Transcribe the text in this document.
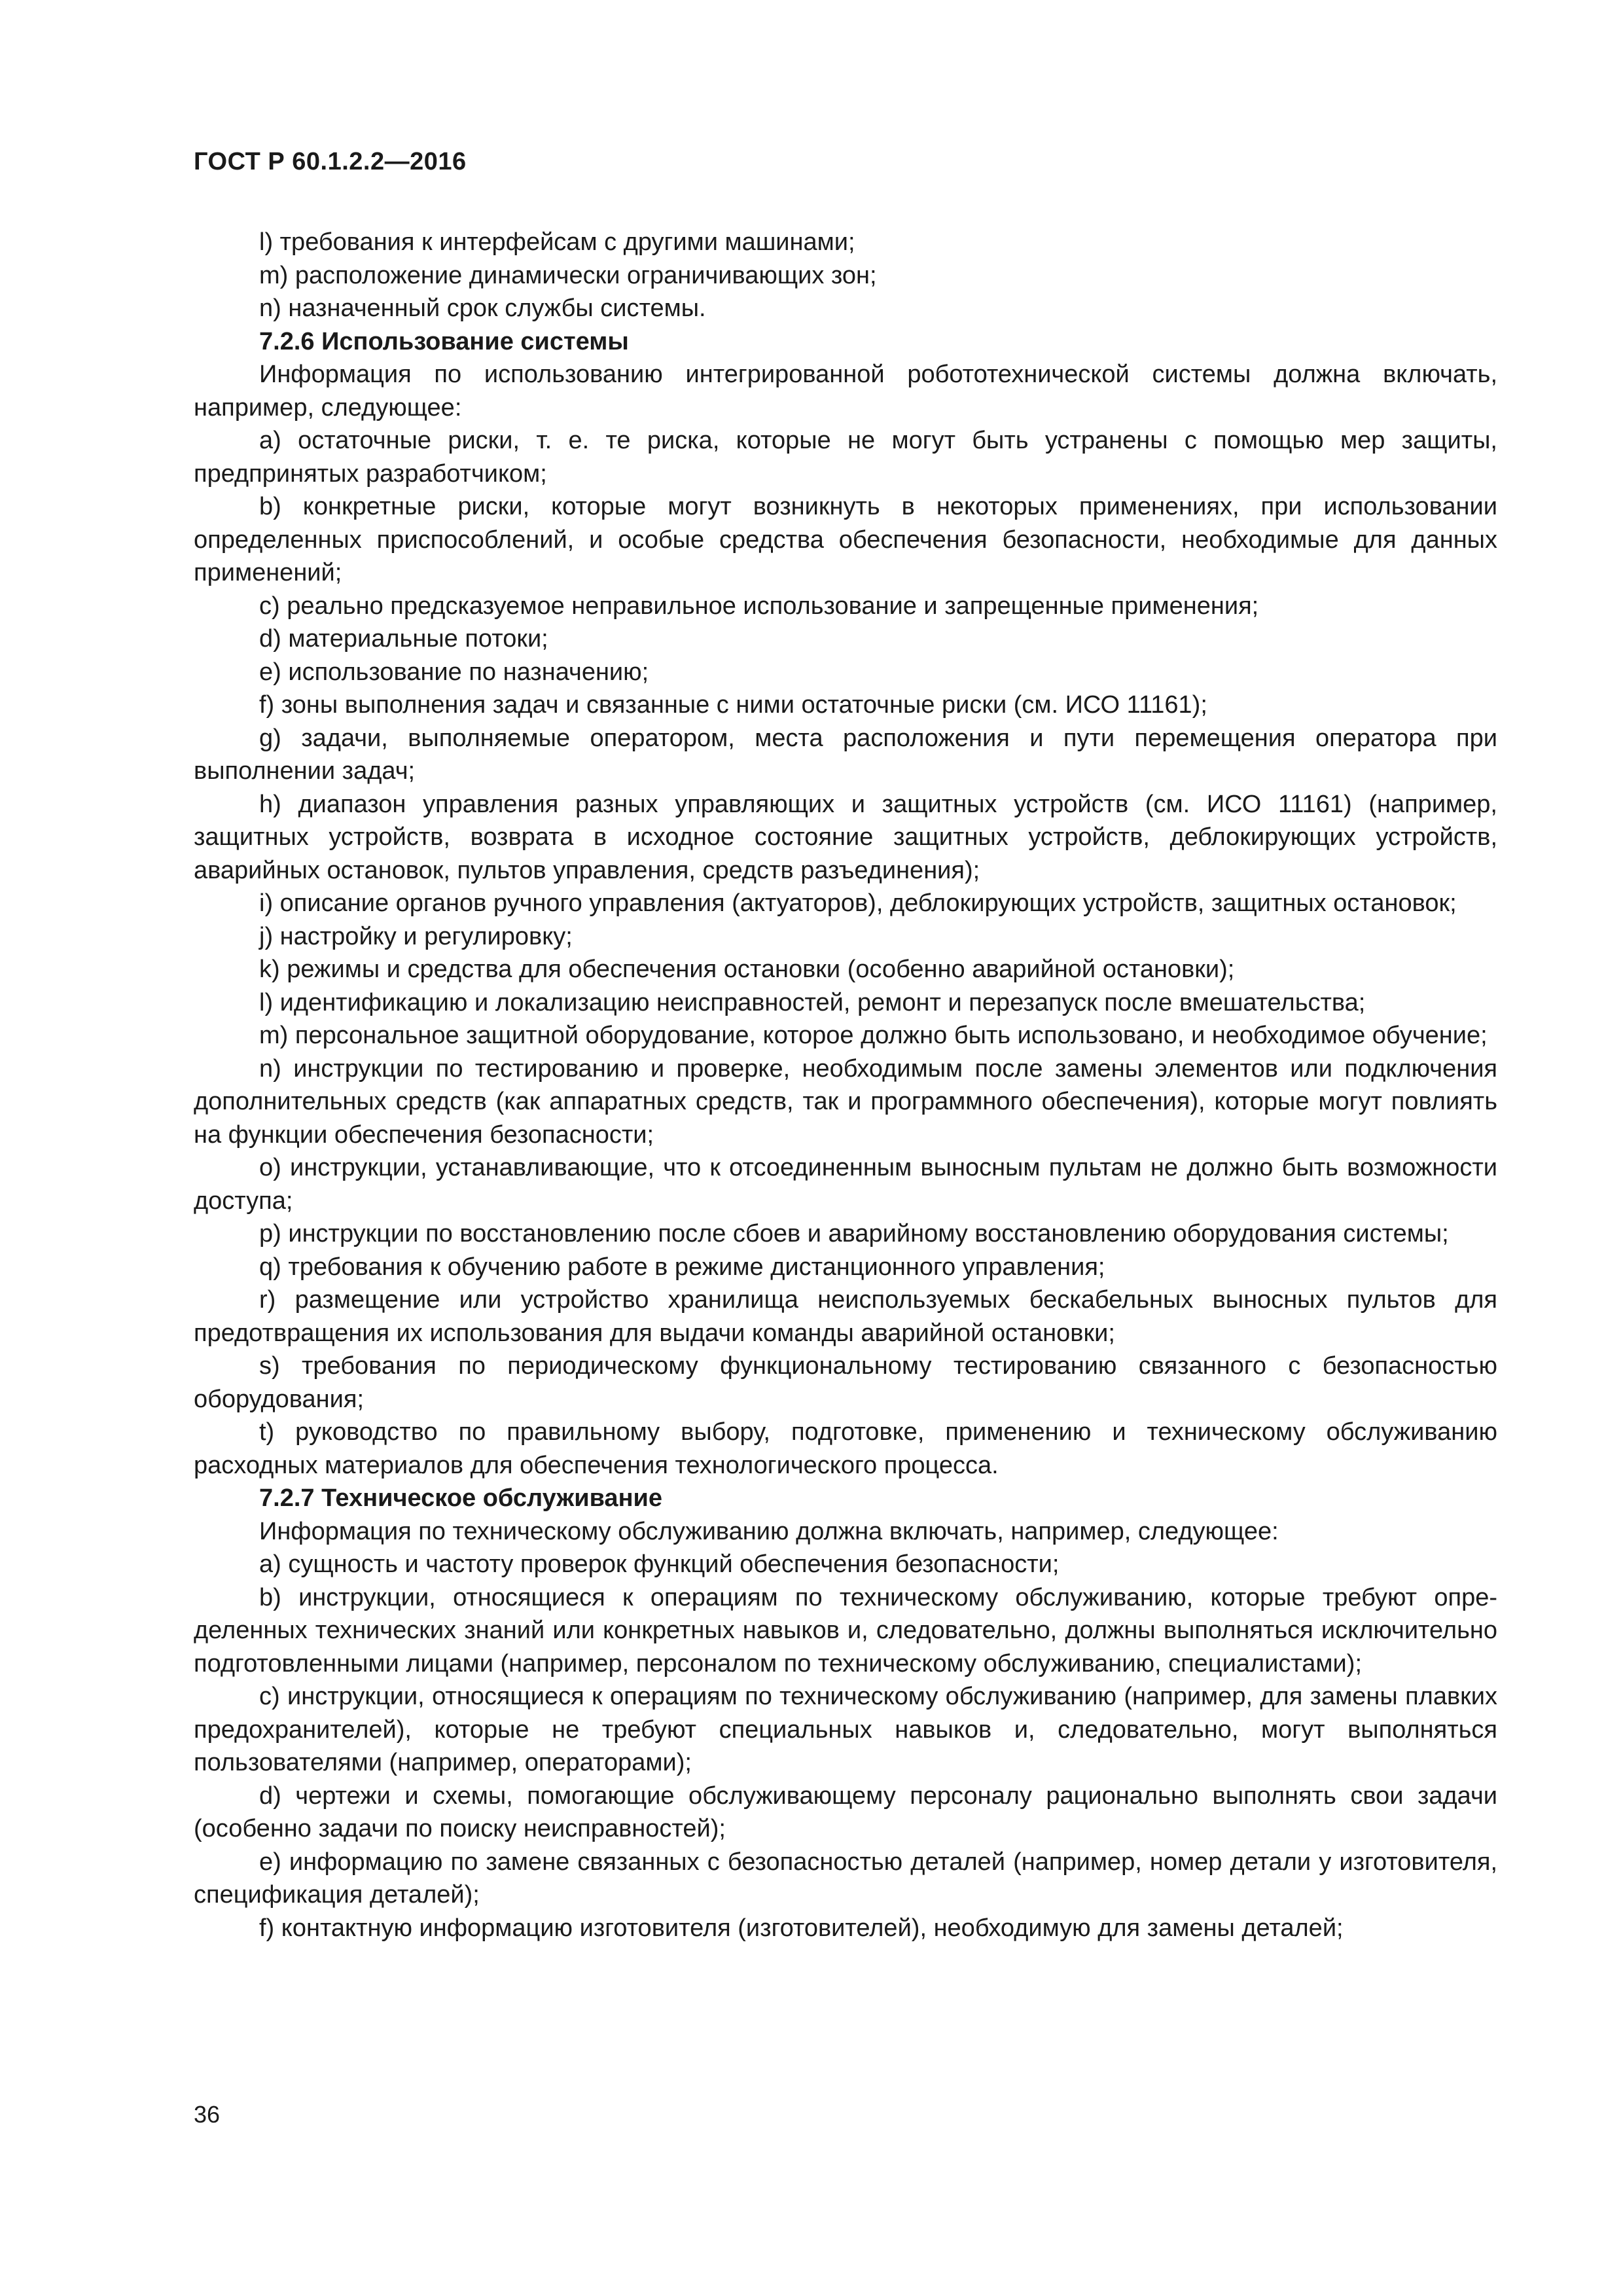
ГОСТ Р 60.1.2.2—2016

l) требования к интерфейсам с другими машинами;

m) расположение динамически ограничивающих зон;

n) назначенный срок службы системы.

7.2.6 Использование системы

Информация по использованию интегрированной робототехнической системы должна включать, например, следующее:

a) остаточные риски, т. е. те риска, которые не могут быть устранены с помощью мер защиты, предпринятых разработчиком;

b) конкретные риски, которые могут возникнуть в некоторых применениях, при использовании определенных приспособлений, и особые средства обеспечения безопасности, необходимые для данных применений;

c) реально предсказуемое неправильное использование и запрещенные применения;

d) материальные потоки;

e) использование по назначению;

f) зоны выполнения задач и связанные с ними остаточные риски (см. ИСО 11161);

g) задачи, выполняемые оператором, места расположения и пути перемещения оператора при выполнении задач;

h) диапазон управления разных управляющих и защитных устройств (см. ИСО 11161) (например, защитных устройств, возврата в исходное состояние защитных устройств, деблокирующих устройств, аварийных остановок, пультов управления, средств разъединения);

i) описание органов ручного управления (актуаторов), деблокирующих устройств, защитных остановок;

j) настройку и регулировку;

k) режимы и средства для обеспечения остановки (особенно аварийной остановки);

l) идентификацию и локализацию неисправностей, ремонт и перезапуск после вмешательства;

m) персональное защитной оборудование, которое должно быть использовано, и необходимое обучение;

n) инструкции по тестированию и проверке, необходимым после замены элементов или подключения дополнительных средств (как аппаратных средств, так и программного обеспечения), которые могут повлиять на функции обеспечения безопасности;

o) инструкции, устанавливающие, что к отсоединенным выносным пультам не должно быть возможности доступа;

p) инструкции по восстановлению после сбоев и аварийному восстановлению оборудования системы;

q) требования к обучению работе в режиме дистанционного управления;

r) размещение или устройство хранилища неиспользуемых бескабельных выносных пультов для предотвращения их использования для выдачи команды аварийной остановки;

s) требования по периодическому функциональному тестированию связанного с безопасностью оборудования;

t) руководство по правильному выбору, подготовке, применению и техническому обслуживанию расходных материалов для обеспечения технологического процесса.

7.2.7 Техническое обслуживание

Информация по техническому обслуживанию должна включать, например, следующее:

a) сущность и частоту проверок функций обеспечения безопасности;

b) инструкции, относящиеся к операциям по техническому обслуживанию, которые требуют определенных технических знаний или конкретных навыков и, следовательно, должны выполняться исключительно подготовленными лицами (например, персоналом по техническому обслуживанию, специалистами);

c) инструкции, относящиеся к операциям по техническому обслуживанию (например, для замены плавких предохранителей), которые не требуют специальных навыков и, следовательно, могут выполняться пользователями (например, операторами);

d) чертежи и схемы, помогающие обслуживающему персоналу рационально выполнять свои задачи (особенно задачи по поиску неисправностей);

e) информацию по замене связанных с безопасностью деталей (например, номер детали у изготовителя, спецификация деталей);

f) контактную информацию изготовителя (изготовителей), необходимую для замены деталей;

36
